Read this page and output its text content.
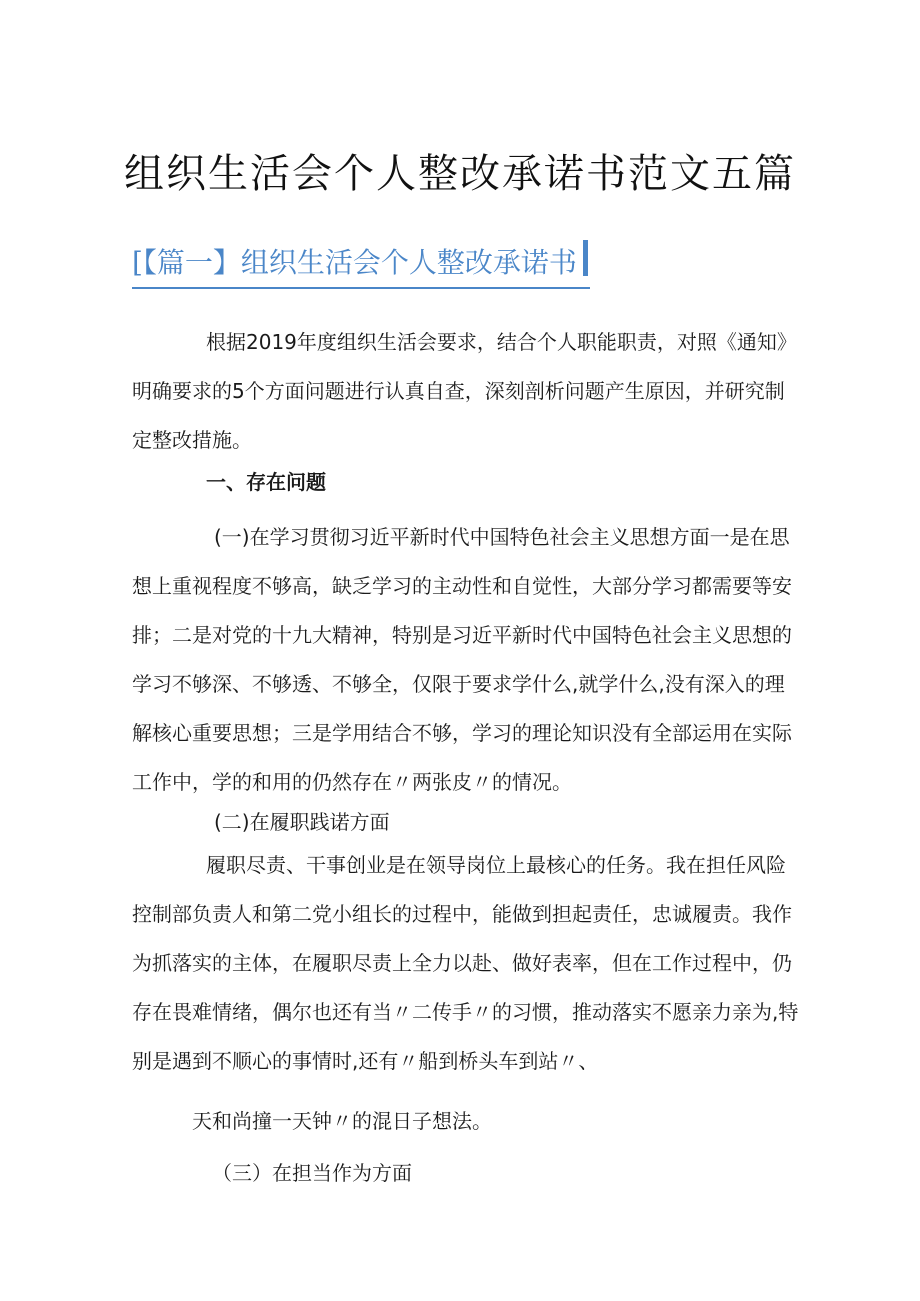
组织生活会个人整改承诺书范文五篇
[【篇一】组织生活会个人整改承诺书

根据2019年度组织生活会要求，结合个人职能职责，对照《通知》明确要求的5个方面问题进行认真自查，深刻剖析问题产生原因，并研究制定整改措施。

一、存在问题

(一)在学习贯彻习近平新时代中国特色社会主义思想方面一是在思想上重视程度不够高，缺乏学习的主动性和自觉性，大部分学习都需要等安排；二是对党的十九大精神，特别是习近平新时代中国特色社会主义思想的学习不够深、不够透、不够全，仅限于要求学什么,就学什么,没有深入的理解核心重要思想；三是学用结合不够，学习的理论知识没有全部运用在实际工作中，学的和用的仍然存在〃两张皮〃的情况。

(二)在履职践诺方面

履职尽责、干事创业是在领导岗位上最核心的任务。我在担任风险控制部负责人和第二党小组长的过程中，能做到担起责任，忠诚履责。我作为抓落实的主体，在履职尽责上全力以赴、做好表率，但在工作过程中，仍存在畏难情绪，偶尔也还有当〃二传手〃的习惯，推动落实不愿亲力亲为,特别是遇到不顺心的事情时,还有〃船到桥头车到站〃、

天和尚撞一天钟〃的混日子想法。

（三）在担当作为方面
